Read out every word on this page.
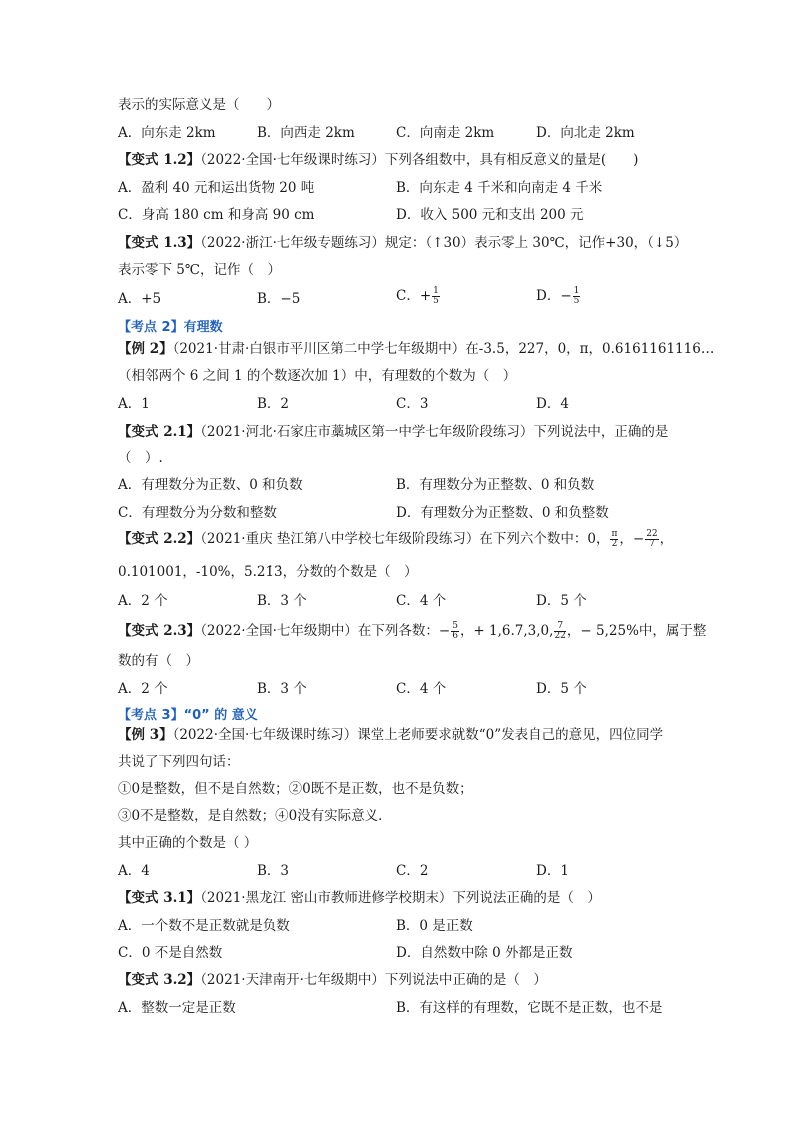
表示的实际意义是（　　）
A．向东走 2km	B．向西走 2km	C．向南走 2km	D．向北走 2km
【变式 1.2】（2022·全国·七年级课时练习）下列各组数中，具有相反意义的量是(　　)
A．盈利 40 元和运出货物 20 吨	B．向东走 4 千米和向南走 4 千米
C．身高 180 cm 和身高 90 cm	D．收入 500 元和支出 200 元
【变式 1.3】（2022·浙江·七年级专题练习）规定：（↑30）表示零上 30℃，记作+30，（↓5）
表示零下 5℃，记作（　）
A．+5	B．−5	C．+ $\frac{1}{5}$	D．− $\frac{1}{5}$
【考点 2】有理数
【例 2】（2021·甘肃·白银市平川区第二中学七年级期中）在-3.5，227，0，π，0.6161161116…
（相邻两个 6 之间 1 的个数逐次加 1）中，有理数的个数为（　）
A．1	B．2	C．3	D．4
【变式 2.1】（2021·河北·石家庄市藁城区第一中学七年级阶段练习）下列说法中，正确的是
（　）.
A．有理数分为正数、0 和负数	B．有理数分为正整数、0 和负数
C．有理数分为分数和整数	D．有理数分为正整数、0 和负整数
【变式 2.2】（2021·重庆 垫江第八中学校七年级阶段练习）在下列六个数中：0， $\frac{\pi}{2}$ ，− $\frac{22}{7}$ ，
0.101001，-10%，5.21̇3̇，分数的个数是（　）
A．2 个	B．3 个	C．4 个	D．5 个
【变式 2.3】（2022·全国·七年级期中）在下列各数：− $\frac{5}{6}$ ，+ 1,6.7,3,0, $\frac{7}{22}$ ，− 5,25%中，属于整
数的有（　）
A．2 个	B．3 个	C．4 个	D．5 个
【考点 3】“0” 的 意义
【例 3】（2022·全国·七年级课时练习）课堂上老师要求就数“0”发表自己的意见，四位同学
共说了下列四句话：
①0是整数，但不是自然数；②0既不是正数，也不是负数；
③0不是整数，是自然数；④0没有实际意义．
其中正确的个数是（ ）
A．4	B．3	C．2	D．1
【变式 3.1】（2021·黑龙江 密山市教师进修学校期末）下列说法正确的是（　）
A．一个数不是正数就是负数	B．0 是正数
C．0 不是自然数	D．自然数中除 0 外都是正数
【变式 3.2】（2021·天津南开·七年级期中）下列说法中正确的是（　）
A．整数一定是正数	B．有这样的有理数，它既不是正数，也不是
